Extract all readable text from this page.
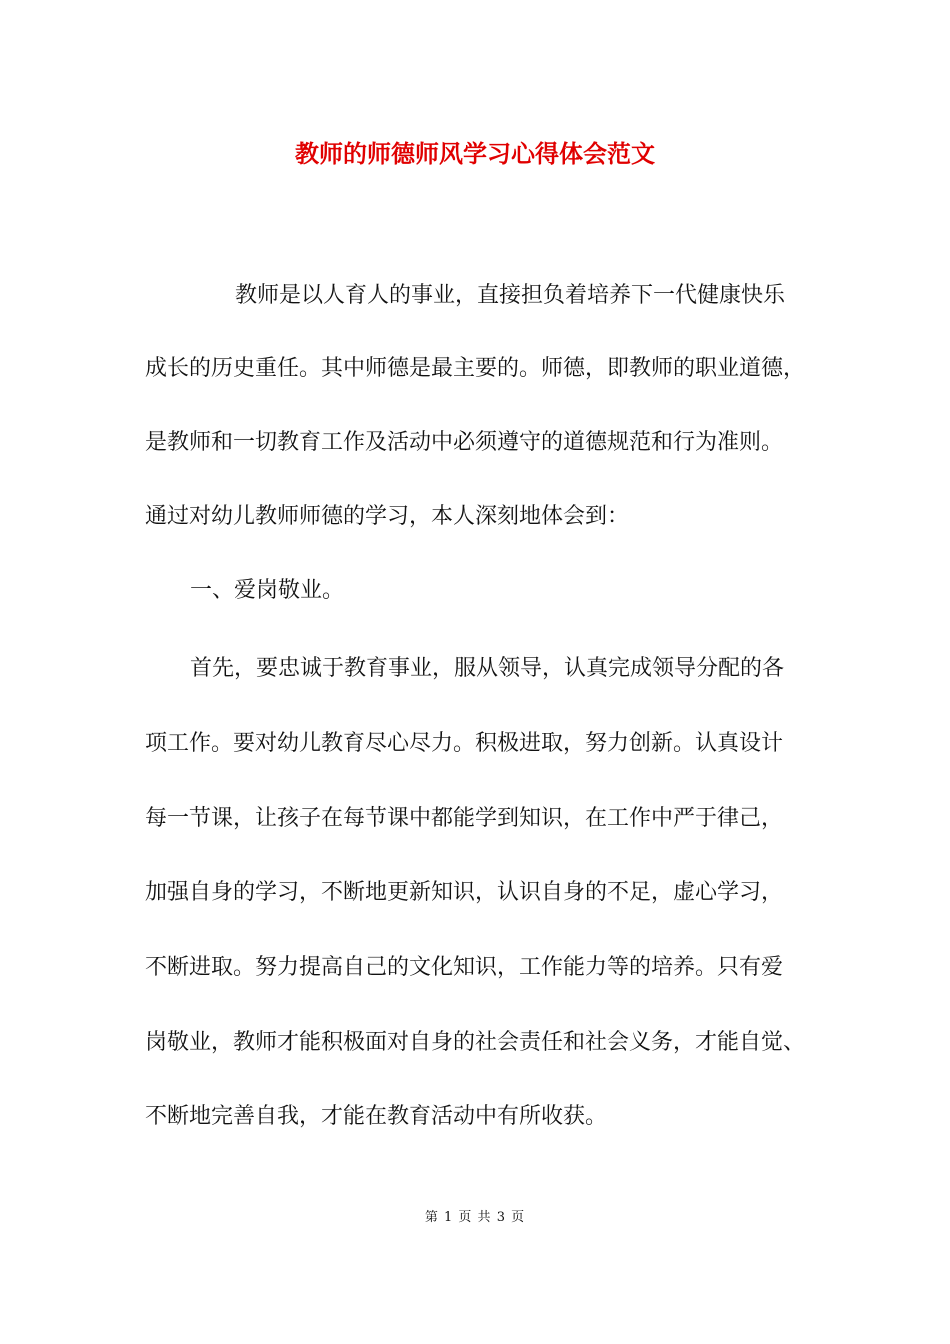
教师的师德师风学习心得体会范文
教师是以人育人的事业，直接担负着培养下一代健康快乐
成长的历史重任。其中师德是最主要的。师德，即教师的职业道德，
是教师和一切教育工作及活动中必须遵守的道德规范和行为准则。
通过对幼儿教师师德的学习，本人深刻地体会到：
一、爱岗敬业。
首先，要忠诚于教育事业，服从领导，认真完成领导分配的各
项工作。要对幼儿教育尽心尽力。积极进取，努力创新。认真设计
每一节课，让孩子在每节课中都能学到知识，在工作中严于律己，
加强自身的学习，不断地更新知识，认识自身的不足，虚心学习，
不断进取。努力提高自己的文化知识，工作能力等的培养。只有爱
岗敬业，教师才能积极面对自身的社会责任和社会义务，才能自觉、
不断地完善自我，才能在教育活动中有所收获。
第 1 页 共 3 页
